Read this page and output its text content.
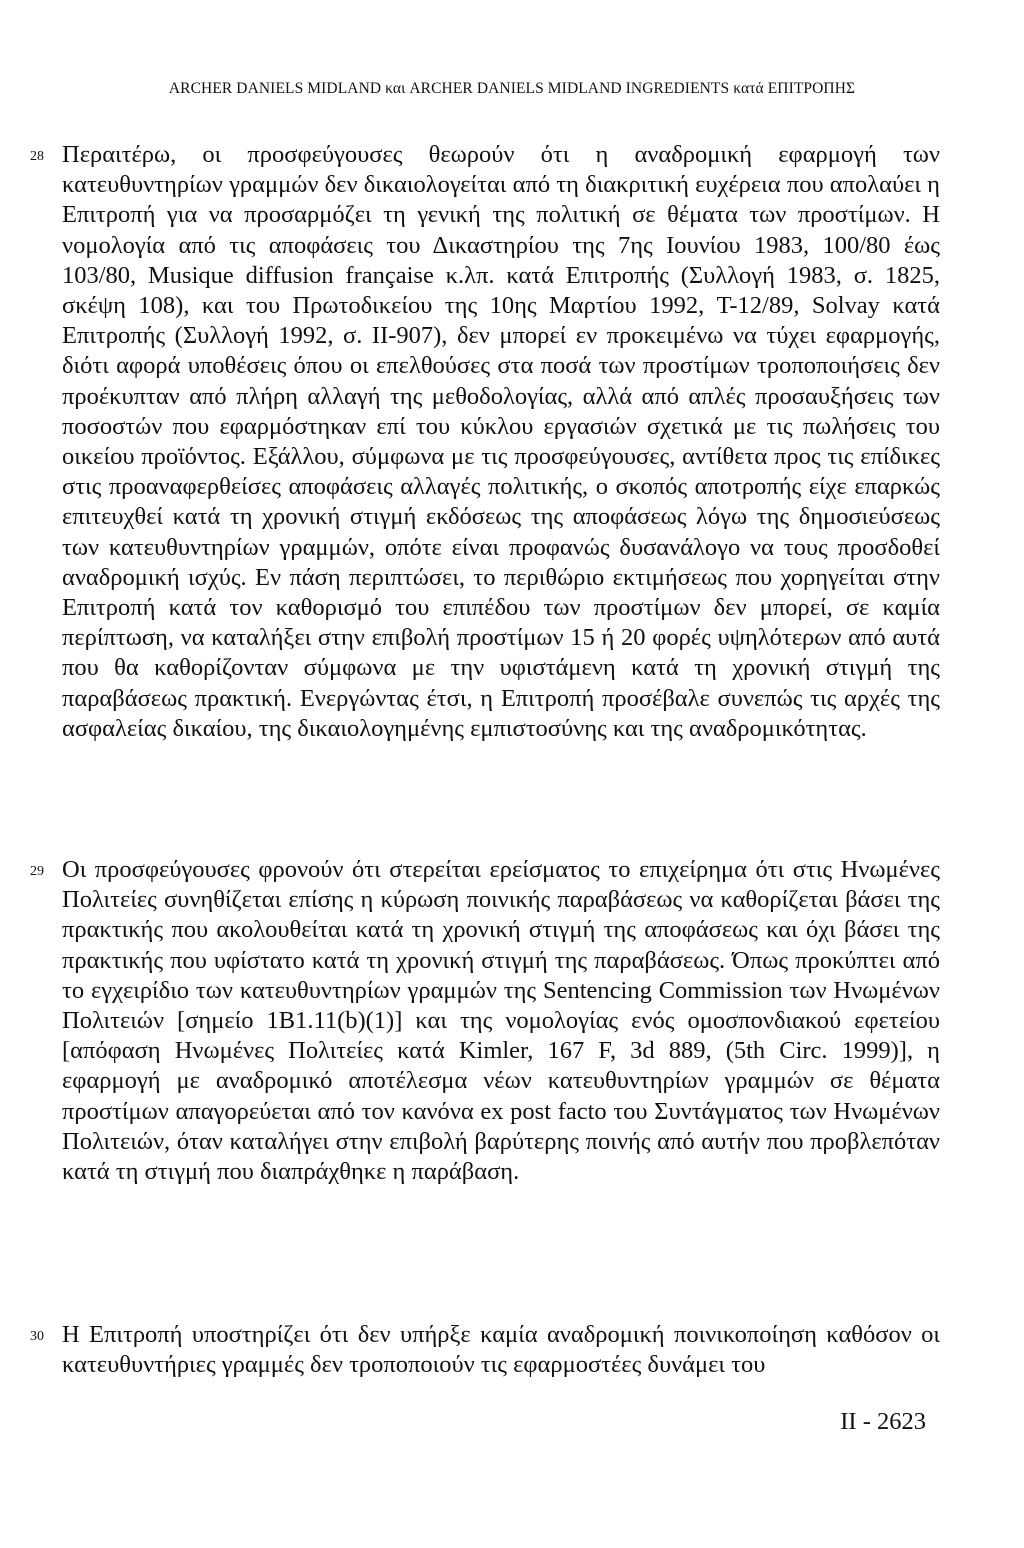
ARCHER DANIELS MIDLAND και ARCHER DANIELS MIDLAND INGREDIENTS κατά ΕΠΙΤΡΟΠΗΣ
28 Περαιτέρω, οι προσφεύγουσες θεωρούν ότι η αναδρομική εφαρμογή των κατευθυντηρίων γραμμών δεν δικαιολογείται από τη διακριτική ευχέρεια που απολαύει η Επιτροπή για να προσαρμόζει τη γενική της πολιτική σε θέματα των προστίμων. Η νομολογία από τις αποφάσεις του Δικαστηρίου της 7ης Ιουνίου 1983, 100/80 έως 103/80, Musique diffusion française κ.λπ. κατά Επιτροπής (Συλλογή 1983, σ. 1825, σκέψη 108), και του Πρωτοδικείου της 10ης Μαρτίου 1992, T-12/89, Solvay κατά Επιτροπής (Συλλογή 1992, σ. II-907), δεν μπορεί εν προκειμένω να τύχει εφαρμογής, διότι αφορά υποθέσεις όπου οι επελθούσες στα ποσά των προστίμων τροποποιήσεις δεν προέκυπταν από πλήρη αλλαγή της μεθοδολογίας, αλλά από απλές προσαυξήσεις των ποσοστών που εφαρμόστηκαν επί του κύκλου εργασιών σχετικά με τις πωλήσεις του οικείου προϊόντος. Εξάλλου, σύμφωνα με τις προσφεύγουσες, αντίθετα προς τις επίδικες στις προαναφερθείσες αποφάσεις αλλαγές πολιτικής, ο σκοπός αποτροπής είχε επαρκώς επιτευχθεί κατά τη χρονική στιγμή εκδόσεως της αποφάσεως λόγω της δημοσιεύσεως των κατευθυντηρίων γραμμών, οπότε είναι προφανώς δυσανάλογο να τους προσδοθεί αναδρομική ισχύς. Εν πάση περιπτώσει, το περιθώριο εκτιμήσεως που χορηγείται στην Επιτροπή κατά τον καθορισμό του επιπέδου των προστίμων δεν μπορεί, σε καμία περίπτωση, να καταλήξει στην επιβολή προστίμων 15 ή 20 φορές υψηλότερων από αυτά που θα καθορίζονταν σύμφωνα με την υφιστάμενη κατά τη χρονική στιγμή της παραβάσεως πρακτική. Ενεργώντας έτσι, η Επιτροπή προσέβαλε συνεπώς τις αρχές της ασφαλείας δικαίου, της δικαιολογημένης εμπιστοσύνης και της αναδρομικότητας.

29 Οι προσφεύγουσες φρονούν ότι στερείται ερείσματος το επιχείρημα ότι στις Ηνωμένες Πολιτείες συνηθίζεται επίσης η κύρωση ποινικής παραβάσεως να καθορίζεται βάσει της πρακτικής που ακολουθείται κατά τη χρονική στιγμή της αποφάσεως και όχι βάσει της πρακτικής που υφίστατο κατά τη χρονική στιγμή της παραβάσεως. Όπως προκύπτει από το εγχειρίδιο των κατευθυντηρίων γραμμών της Sentencing Commission των Ηνωμένων Πολιτειών [σημείο 1B1.11(b)(1)] και της νομολογίας ενός ομοσπονδιακού εφετείου [απόφαση Ηνωμένες Πολιτείες κατά Kimler, 167 F, 3d 889, (5th Circ. 1999)], η εφαρμογή με αναδρομικό αποτέλεσμα νέων κατευθυντηρίων γραμμών σε θέματα προστίμων απαγορεύεται από τον κανόνα ex post facto του Συντάγματος των Ηνωμένων Πολιτειών, όταν καταλήγει στην επιβολή βαρύτερης ποινής από αυτήν που προβλεπόταν κατά τη στιγμή που διαπράχθηκε η παράβαση.

30 Η Επιτροπή υποστηρίζει ότι δεν υπήρξε καμία αναδρομική ποινικοποίηση καθόσον οι κατευθυντήριες γραμμές δεν τροποποιούν τις εφαρμοστέες δυνάμει του

II - 2623
